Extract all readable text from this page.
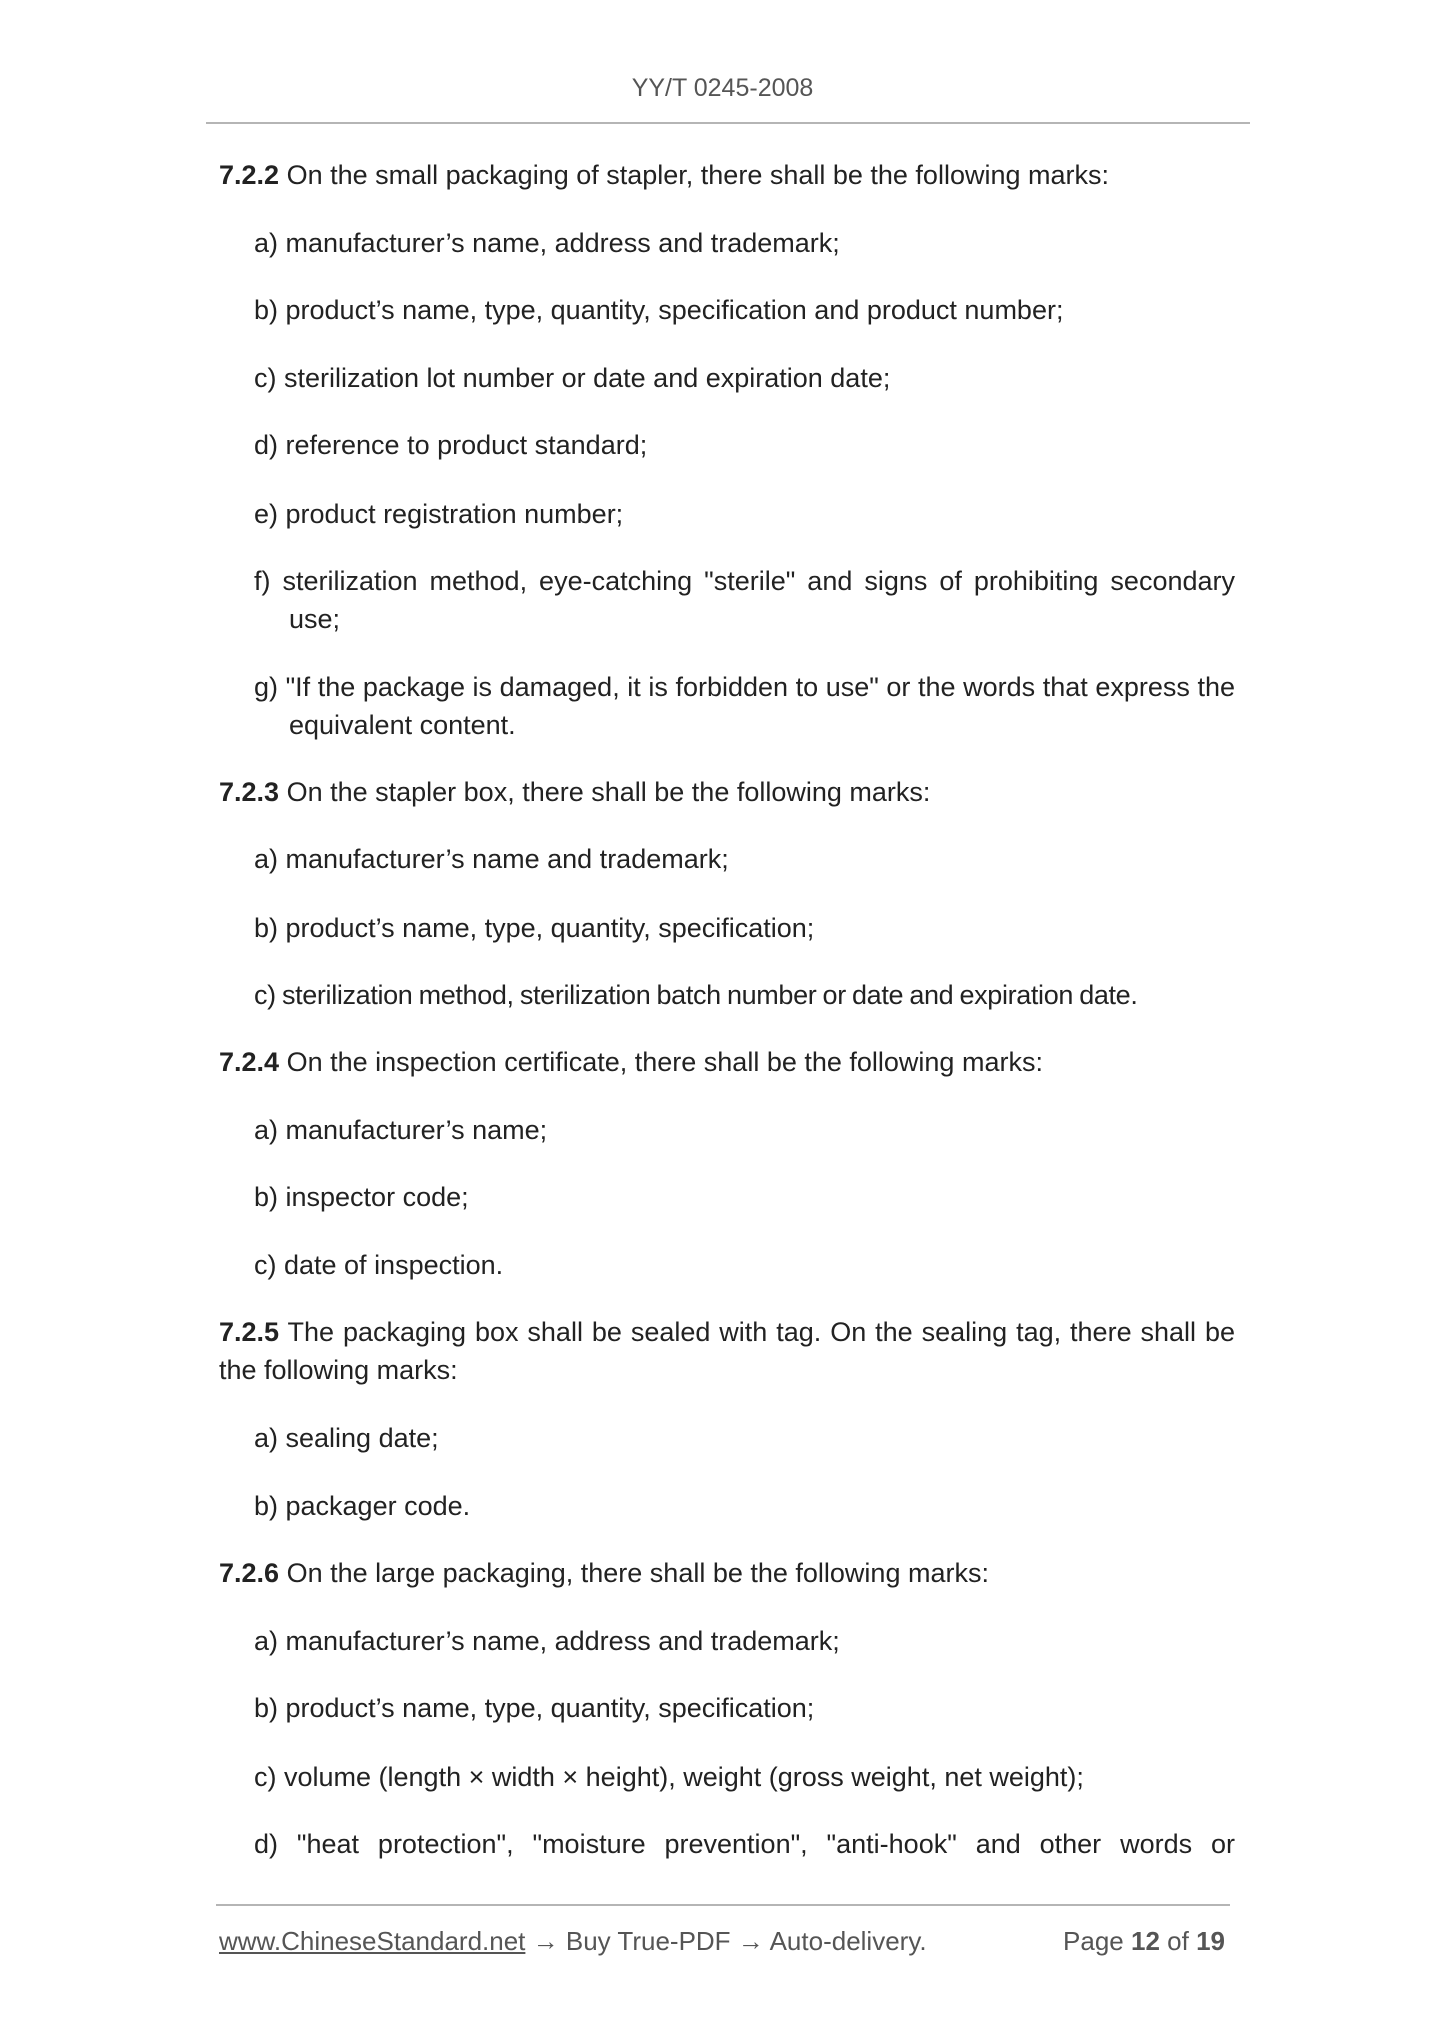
YY/T 0245-2008
7.2.2 On the small packaging of stapler, there shall be the following marks:
a) manufacturer’s name, address and trademark;
b) product’s name, type, quantity, specification and product number;
c) sterilization lot number or date and expiration date;
d) reference to product standard;
e) product registration number;
f) sterilization method, eye-catching "sterile" and signs of prohibiting secondary use;
g) "If the package is damaged, it is forbidden to use" or the words that express the equivalent content.
7.2.3 On the stapler box, there shall be the following marks:
a) manufacturer’s name and trademark;
b) product’s name, type, quantity, specification;
c) sterilization method, sterilization batch number or date and expiration date.
7.2.4 On the inspection certificate, there shall be the following marks:
a) manufacturer’s name;
b) inspector code;
c) date of inspection.
7.2.5 The packaging box shall be sealed with tag. On the sealing tag, there shall be the following marks:
a) sealing date;
b) packager code.
7.2.6 On the large packaging, there shall be the following marks:
a) manufacturer’s name, address and trademark;
b) product’s name, type, quantity, specification;
c) volume (length × width × height), weight (gross weight, net weight);
d) "heat protection", "moisture prevention", "anti-hook" and other words or
www.ChineseStandard.net → Buy True-PDF → Auto-delivery.	Page 12 of 19
